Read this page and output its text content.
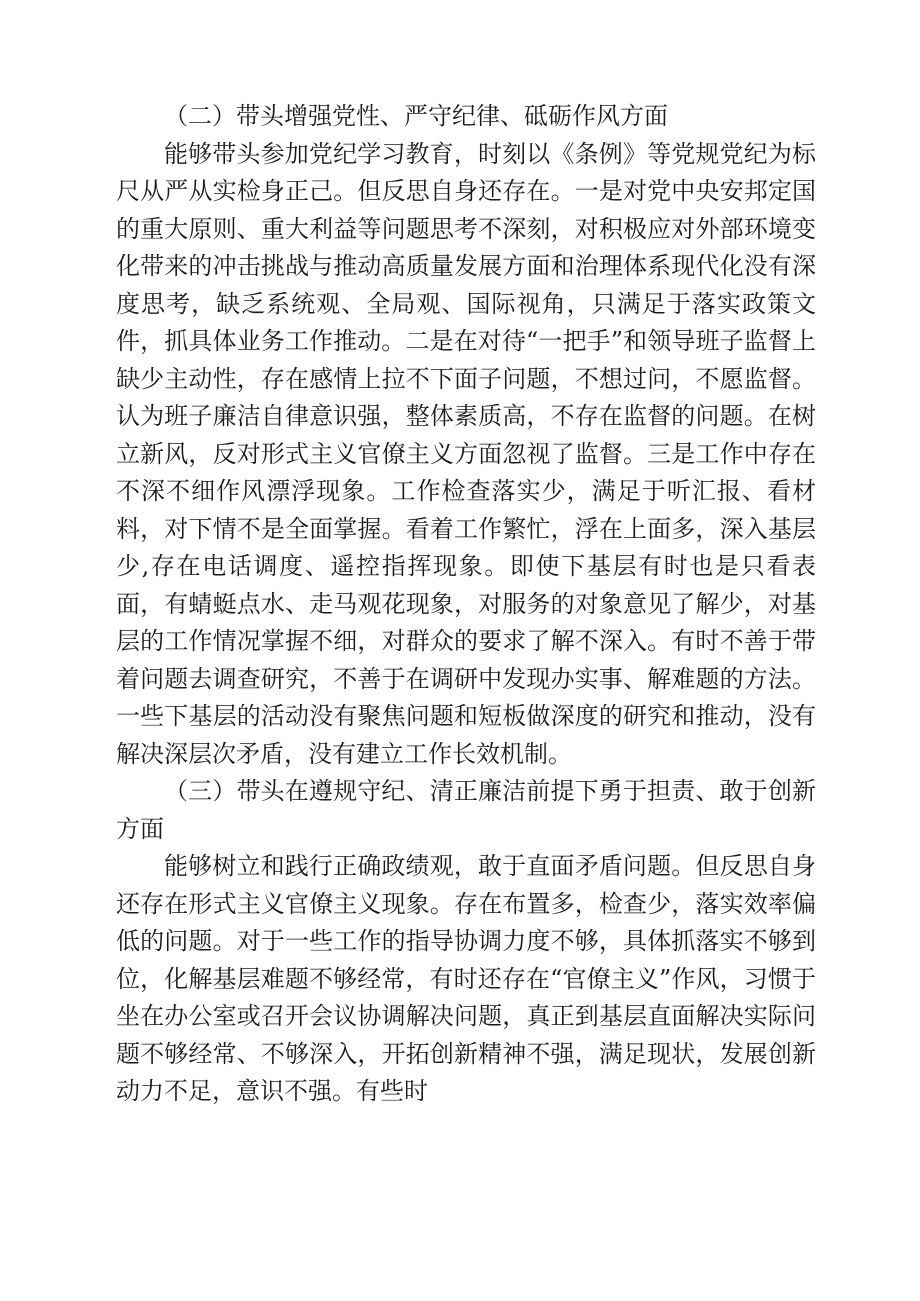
（二）带头增强党性、严守纪律、砥砺作风方面

能够带头参加党纪学习教育，时刻以《条例》等党规党纪为标尺从严从实检身正己。但反思自身还存在。一是对党中央安邦定国的重大原则、重大利益等问题思考不深刻，对积极应对外部环境变化带来的冲击挑战与推动高质量发展方面和治理体系现代化没有深度思考，缺乏系统观、全局观、国际视角，只满足于落实政策文件，抓具体业务工作推动。二是在对待“一把手”和领导班子监督上缺少主动性，存在感情上拉不下面子问题，不想过问，不愿监督。认为班子廉洁自律意识强，整体素质高，不存在监督的问题。在树立新风，反对形式主义官僚主义方面忽视了监督。三是工作中存在不深不细作风漂浮现象。工作检查落实少，满足于听汇报、看材料，对下情不是全面掌握。看着工作繁忙，浮在上面多，深入基层少,存在电话调度、遥控指挥现象。即使下基层有时也是只看表面，有蜻蜓点水、走马观花现象，对服务的对象意见了解少，对基层的工作情况掌握不细，对群众的要求了解不深入。有时不善于带着问题去调查研究，不善于在调研中发现办实事、解难题的方法。一些下基层的活动没有聚焦问题和短板做深度的研究和推动，没有解决深层次矛盾，没有建立工作长效机制。

（三）带头在遵规守纪、清正廉洁前提下勇于担责、敢于创新方面

能够树立和践行正确政绩观，敢于直面矛盾问题。但反思自身还存在形式主义官僚主义现象。存在布置多，检查少，落实效率偏低的问题。对于一些工作的指导协调力度不够，具体抓落实不够到位，化解基层难题不够经常，有时还存在“官僚主义”作风，习惯于坐在办公室或召开会议协调解决问题，真正到基层直面解决实际问题不够经常、不够深入，开拓创新精神不强，满足现状，发展创新动力不足，意识不强。有些时
